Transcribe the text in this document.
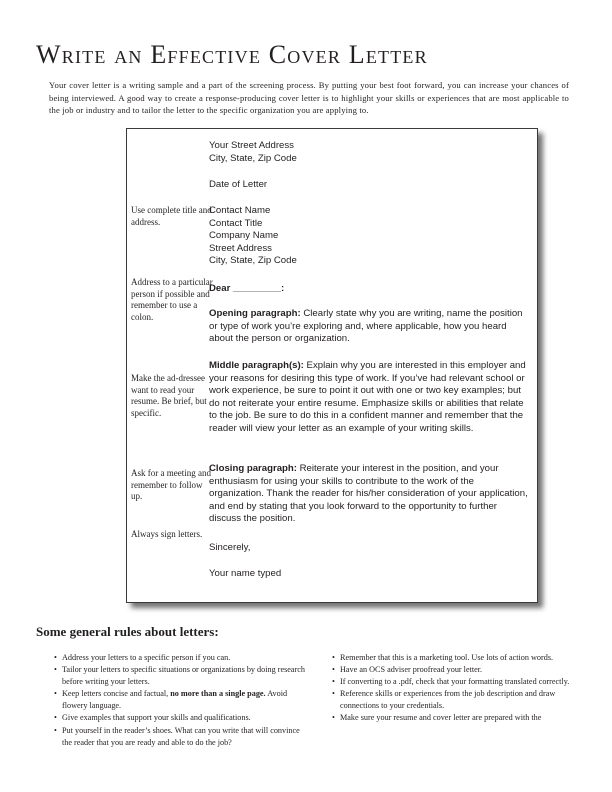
Write an Effective Cover Letter

Your cover letter is a writing sample and a part of the screening process. By putting your best foot forward, you can increase your chances of being interviewed. A good way to create a response-producing cover letter is to highlight your skills or experiences that are most applicable to the job or industry and to tailor the letter to the specific organization you are applying to.

Use complete title and address.
Address to a particular person if possible and remember to use a colon.
Make the ad-dressee want to read your resume. Be brief, but specific.
Ask for a meeting and remember to follow up.
Always sign letters.
Your Street Address
City, State, Zip Code
Date of Letter
Contact Name
Contact Title
Company Name
Street Address
City, State, Zip Code
Dear _________:
Opening paragraph: Clearly state why you are writing, name the position or type of work you’re exploring and, where applicable, how you heard about the person or organization.
Middle paragraph(s): Explain why you are interested in this employer and your reasons for desiring this type of work. If you’ve had relevant school or work experience, be sure to point it out with one or two key examples; but do not reiterate your entire resume. Emphasize skills or abilities that relate to the job. Be sure to do this in a confident manner and remember that the reader will view your letter as an example of your writing skills.
Closing paragraph: Reiterate your interest in the position, and your enthusiasm for using your skills to contribute to the work of the organization. Thank the reader for his/her consideration of your application, and end by stating that you look forward to the opportunity to further discuss the position.
Sincerely,
Your name typed
Some general rules about letters:
• Address your letters to a specific person if you can.
• Tailor your letters to specific situations or organizations by doing research before writing your letters.
• Keep letters concise and factual, no more than a single page. Avoid flowery language.
• Give examples that support your skills and qualifications.
• Put yourself in the reader’s shoes. What can you write that will convince the reader that you are ready and able to do the job?
• Remember that this is a marketing tool. Use lots of action words.
• Have an OCS adviser proofread your letter.
• If converting to a .pdf, check that your formatting translated correctly.
• Reference skills or experiences from the job description and draw connections to your credentials.
• Make sure your resume and cover letter are prepared with the
